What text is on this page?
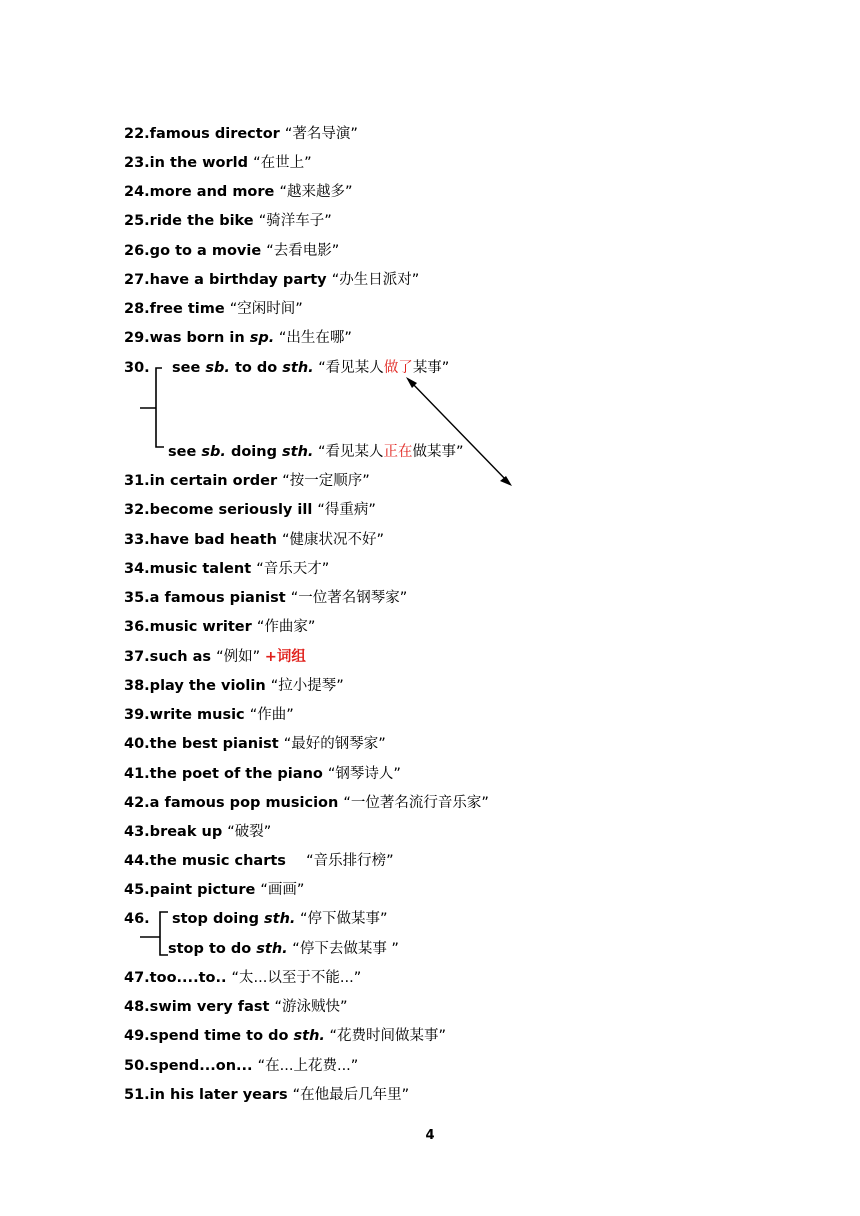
22.famous director “著名导演”
23.in the world “在世上”
24.more and more “越来越多”
25.ride the bike “骑洋车子”
26.go to a movie “去看电影”
27.have a birthday party “办生日派对”
28.free time “空闲时间”
29.was born in sp. “出生在哪”
30. see sb. to do sth. “看见某人做了某事”
see sb. doing sth. “看见某人正在做某事”
31.in certain order “按一定顺序”
32.become seriously ill “得重病”
33.have bad heath “健康状况不好”
34.music talent “音乐天才”
35.a famous pianist “一位著名钢琴家”
36.music writer “作曲家”
37.such as “例如” +词组
38.play the violin “拉小提琴”
39.write music “作曲”
40.the best pianist “最好的钢琴家”
41.the poet of the piano “钢琴诗人”
42.a famous pop musicion “一位著名流行音乐家”
43.break up “破裂”
44.the music charts    “音乐排行榜”
45.paint picture “画画”
46. stop doing sth. “停下做某事”
stop to do sth. “停下去做某事 ”
47.too....to.. “太...以至于不能...”
48.swim very fast “游泳贼快”
49.spend time to do sth. “花费时间做某事”
50.spend...on... “在...上花费...”
51.in his later years “在他最后几年里”
4
